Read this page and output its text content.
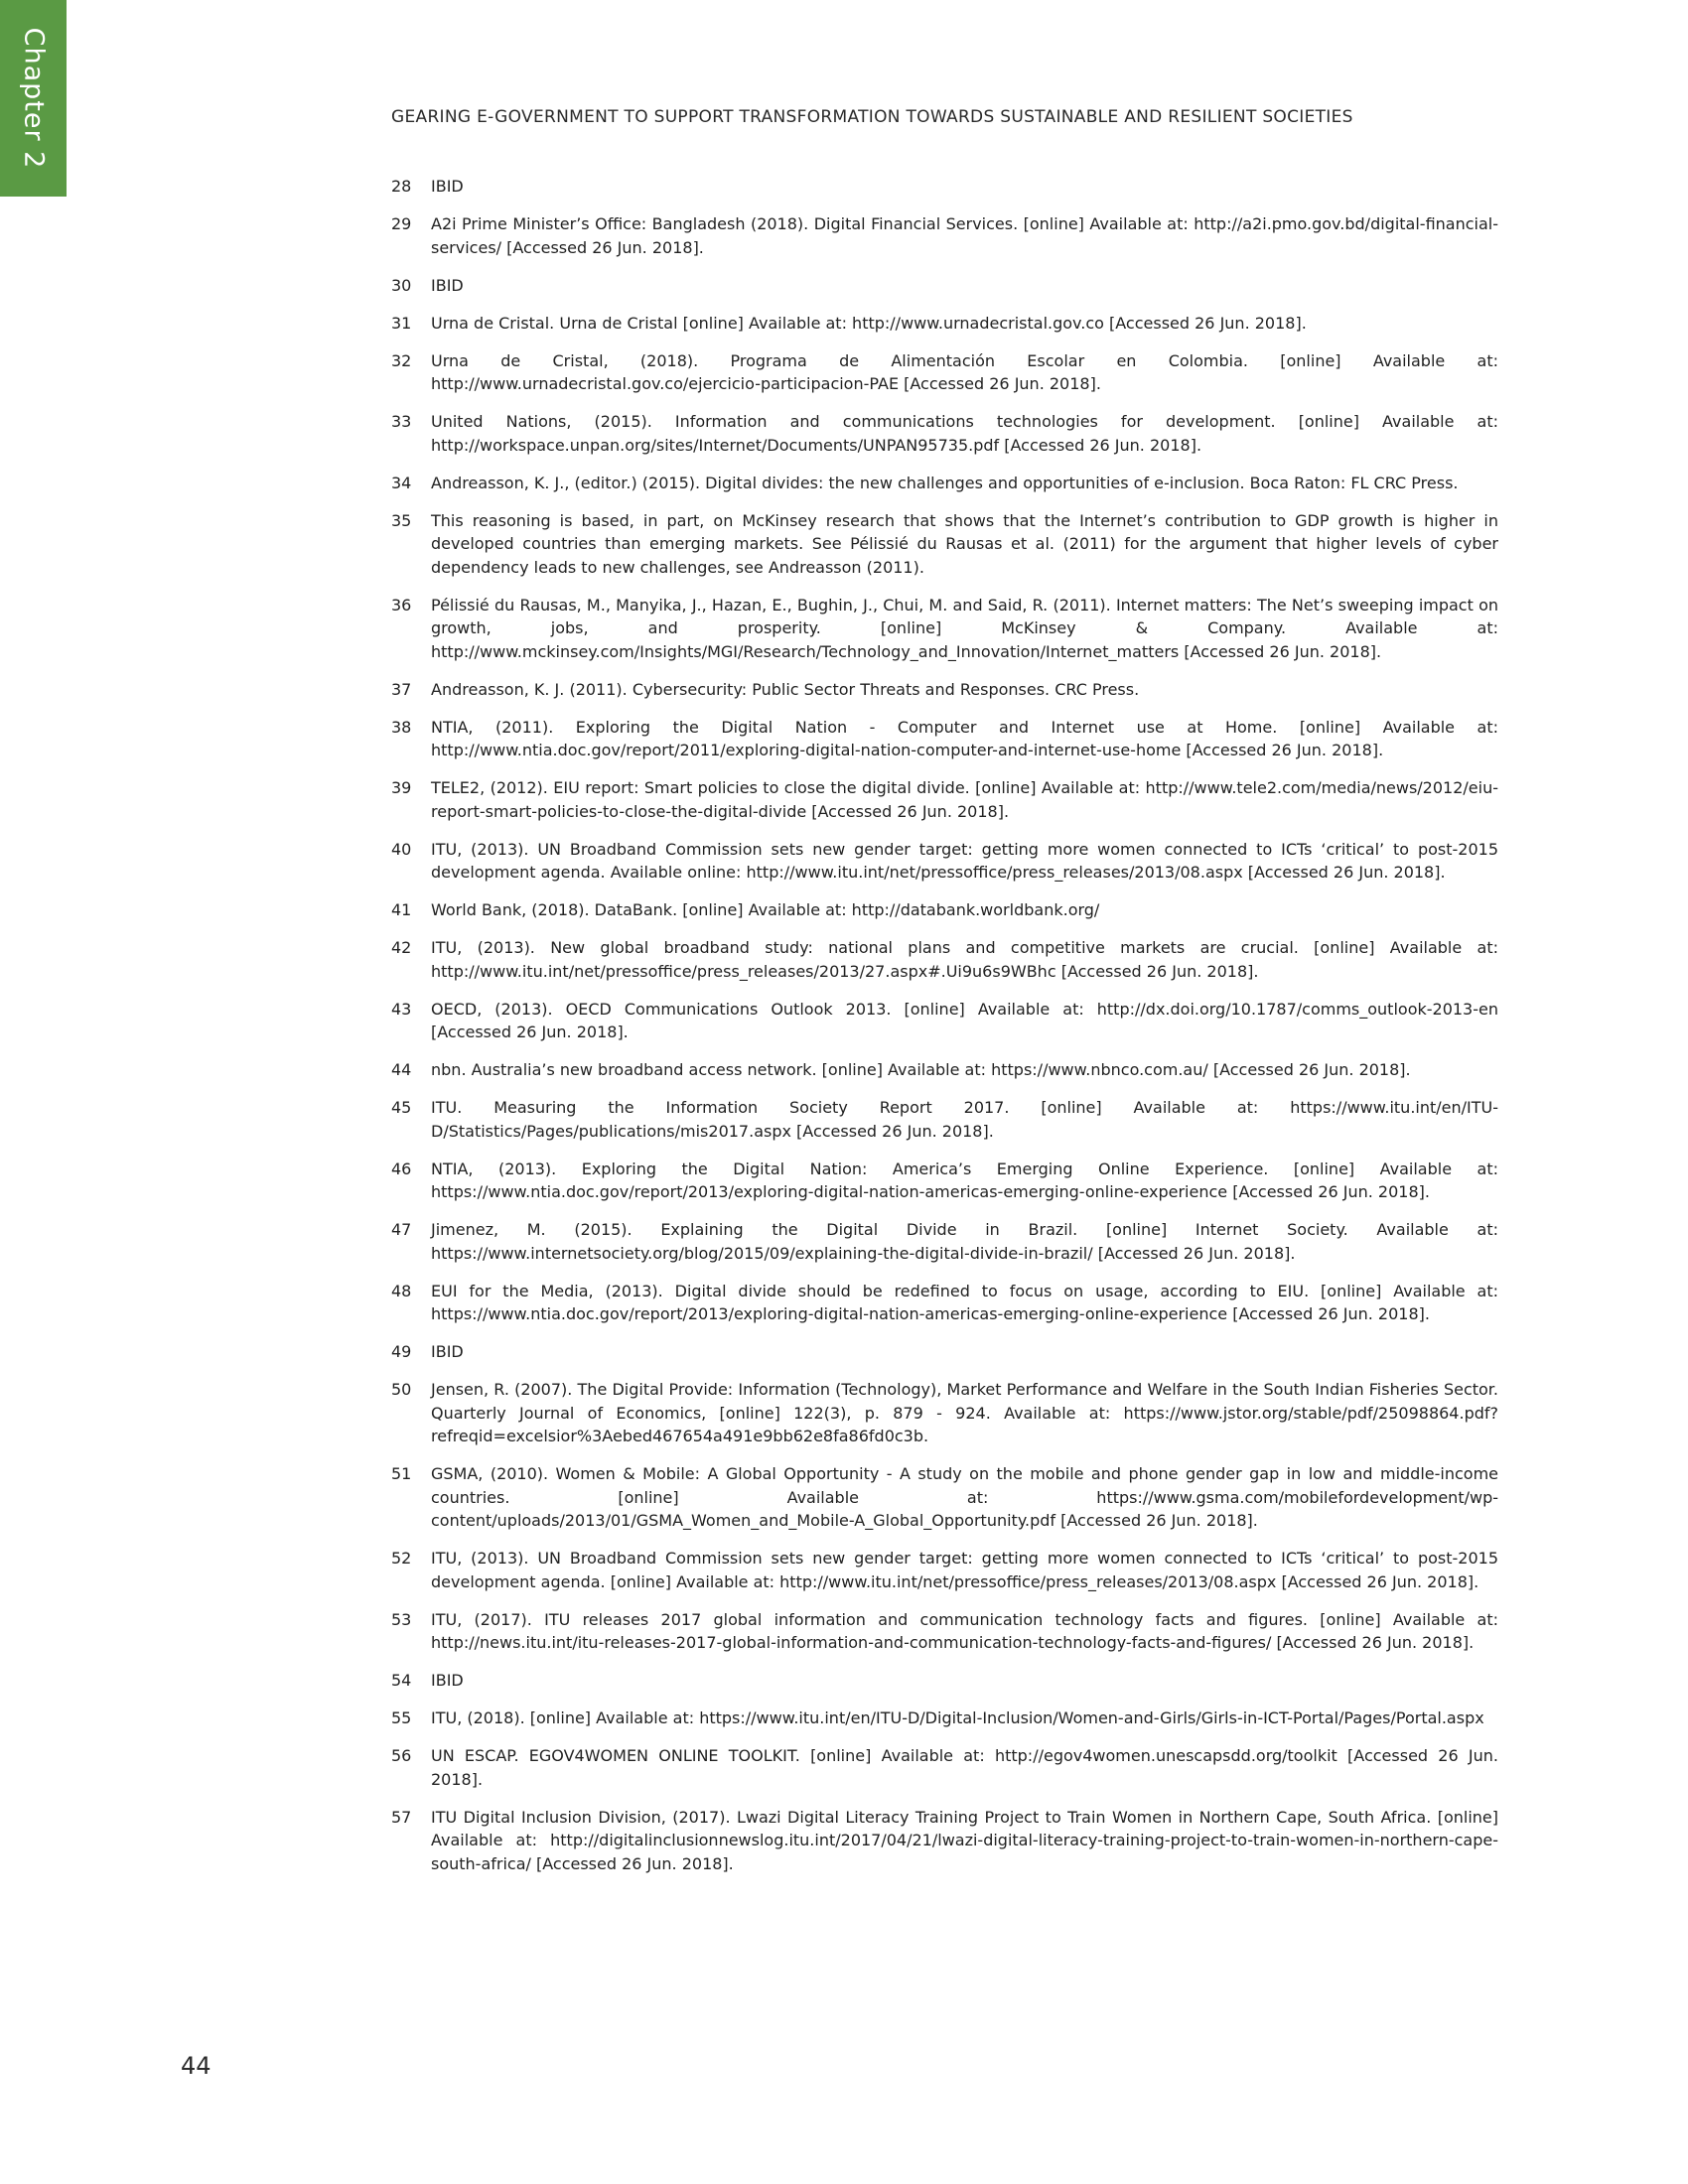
Chapter 2	GEARING E-GOVERNMENT TO SUPPORT TRANSFORMATION TOWARDS SUSTAINABLE AND RESILIENT SOCIETIES
28	IBID
29	A2i Prime Minister’s Office: Bangladesh (2018). Digital Financial Services. [online] Available at: http://a2i.pmo.gov.bd/digital-financial-services/ [Accessed 26 Jun. 2018].
30	IBID
31	Urna de Cristal. Urna de Cristal [online] Available at: http://www.urnadecristal.gov.co [Accessed 26 Jun. 2018].
32	Urna de Cristal, (2018). Programa de Alimentación Escolar en Colombia. [online] Available at: http://www.urnadecristal.gov.co/ejercicio-participacion-PAE [Accessed 26 Jun. 2018].
33	United Nations, (2015). Information and communications technologies for development. [online] Available at: http://workspace.unpan.org/sites/Internet/Documents/UNPAN95735.pdf [Accessed 26 Jun. 2018].
34	Andreasson, K. J., (editor.) (2015). Digital divides: the new challenges and opportunities of e-inclusion. Boca Raton: FL CRC Press.
35	This reasoning is based, in part, on McKinsey research that shows that the Internet’s contribution to GDP growth is higher in developed countries than emerging markets. See Pélissié du Rausas et al. (2011) for the argument that higher levels of cyber dependency leads to new challenges, see Andreasson (2011).
36	Pélissié du Rausas, M., Manyika, J., Hazan, E., Bughin, J., Chui, M. and Said, R. (2011). Internet matters: The Net’s sweeping impact on growth, jobs, and prosperity. [online] McKinsey & Company. Available at: http://www.mckinsey.com/Insights/MGI/Research/Technology_and_Innovation/Internet_matters [Accessed 26 Jun. 2018].
37	Andreasson, K. J. (2011). Cybersecurity: Public Sector Threats and Responses. CRC Press.
38	NTIA, (2011). Exploring the Digital Nation - Computer and Internet use at Home. [online] Available at: http://www.ntia.doc.gov/report/2011/exploring-digital-nation-computer-and-internet-use-home [Accessed 26 Jun. 2018].
39	TELE2, (2012). EIU report: Smart policies to close the digital divide. [online] Available at: http://www.tele2.com/media/news/2012/eiu-report-smart-policies-to-close-the-digital-divide [Accessed 26 Jun. 2018].
40	ITU, (2013). UN Broadband Commission sets new gender target: getting more women connected to ICTs ‘critical’ to post-2015 development agenda. Available online: http://www.itu.int/net/pressoffice/press_releases/2013/08.aspx [Accessed 26 Jun. 2018].
41	World Bank, (2018). DataBank. [online] Available at: http://databank.worldbank.org/
42	ITU, (2013). New global broadband study: national plans and competitive markets are crucial. [online] Available at: http://www.itu.int/net/pressoffice/press_releases/2013/27.aspx#.Ui9u6s9WBhc [Accessed 26 Jun. 2018].
43	OECD, (2013). OECD Communications Outlook 2013. [online] Available at: http://dx.doi.org/10.1787/comms_outlook-2013-en [Accessed 26 Jun. 2018].
44	nbn. Australia’s new broadband access network. [online] Available at: https://www.nbnco.com.au/ [Accessed 26 Jun. 2018].
45	ITU. Measuring the Information Society Report 2017. [online] Available at: https://www.itu.int/en/ITU-D/Statistics/Pages/publications/mis2017.aspx [Accessed 26 Jun. 2018].
46	NTIA, (2013). Exploring the Digital Nation: America’s Emerging Online Experience. [online] Available at: https://www.ntia.doc.gov/report/2013/exploring-digital-nation-americas-emerging-online-experience [Accessed 26 Jun. 2018].
47	Jimenez, M. (2015). Explaining the Digital Divide in Brazil. [online] Internet Society. Available at: https://www.internetsociety.org/blog/2015/09/explaining-the-digital-divide-in-brazil/ [Accessed 26 Jun. 2018].
48	EUI for the Media, (2013). Digital divide should be redefined to focus on usage, according to EIU. [online] Available at: https://www.ntia.doc.gov/report/2013/exploring-digital-nation-americas-emerging-online-experience [Accessed 26 Jun. 2018].
49	IBID
50	Jensen, R. (2007). The Digital Provide: Information (Technology), Market Performance and Welfare in the South Indian Fisheries Sector. Quarterly Journal of Economics, [online] 122(3), p. 879 - 924. Available at: https://www.jstor.org/stable/pdf/25098864.pdf?refreqid=excelsior%3Aebed467654a491e9bb62e8fa86fd0c3b.
51	GSMA, (2010). Women & Mobile: A Global Opportunity - A study on the mobile and phone gender gap in low and middle-income countries. [online] Available at: https://www.gsma.com/mobilefordevelopment/wp-content/uploads/2013/01/GSMA_Women_and_Mobile-A_Global_Opportunity.pdf [Accessed 26 Jun. 2018].
52	ITU, (2013). UN Broadband Commission sets new gender target: getting more women connected to ICTs ‘critical’ to post-2015 development agenda. [online] Available at: http://www.itu.int/net/pressoffice/press_releases/2013/08.aspx [Accessed 26 Jun. 2018].
53	ITU, (2017). ITU releases 2017 global information and communication technology facts and figures. [online] Available at: http://news.itu.int/itu-releases-2017-global-information-and-communication-technology-facts-and-figures/ [Accessed 26 Jun. 2018].
54	IBID
55	ITU, (2018). [online] Available at: https://www.itu.int/en/ITU-D/Digital-Inclusion/Women-and-Girls/Girls-in-ICT-Portal/Pages/Portal.aspx
56	UN ESCAP. EGOV4WOMEN ONLINE TOOLKIT. [online] Available at: http://egov4women.unescapsdd.org/toolkit [Accessed 26 Jun. 2018].
57	ITU Digital Inclusion Division, (2017). Lwazi Digital Literacy Training Project to Train Women in Northern Cape, South Africa. [online] Available at: http://digitalinclusionnewslog.itu.int/2017/04/21/lwazi-digital-literacy-training-project-to-train-women-in-northern-cape-south-africa/ [Accessed 26 Jun. 2018].
44
